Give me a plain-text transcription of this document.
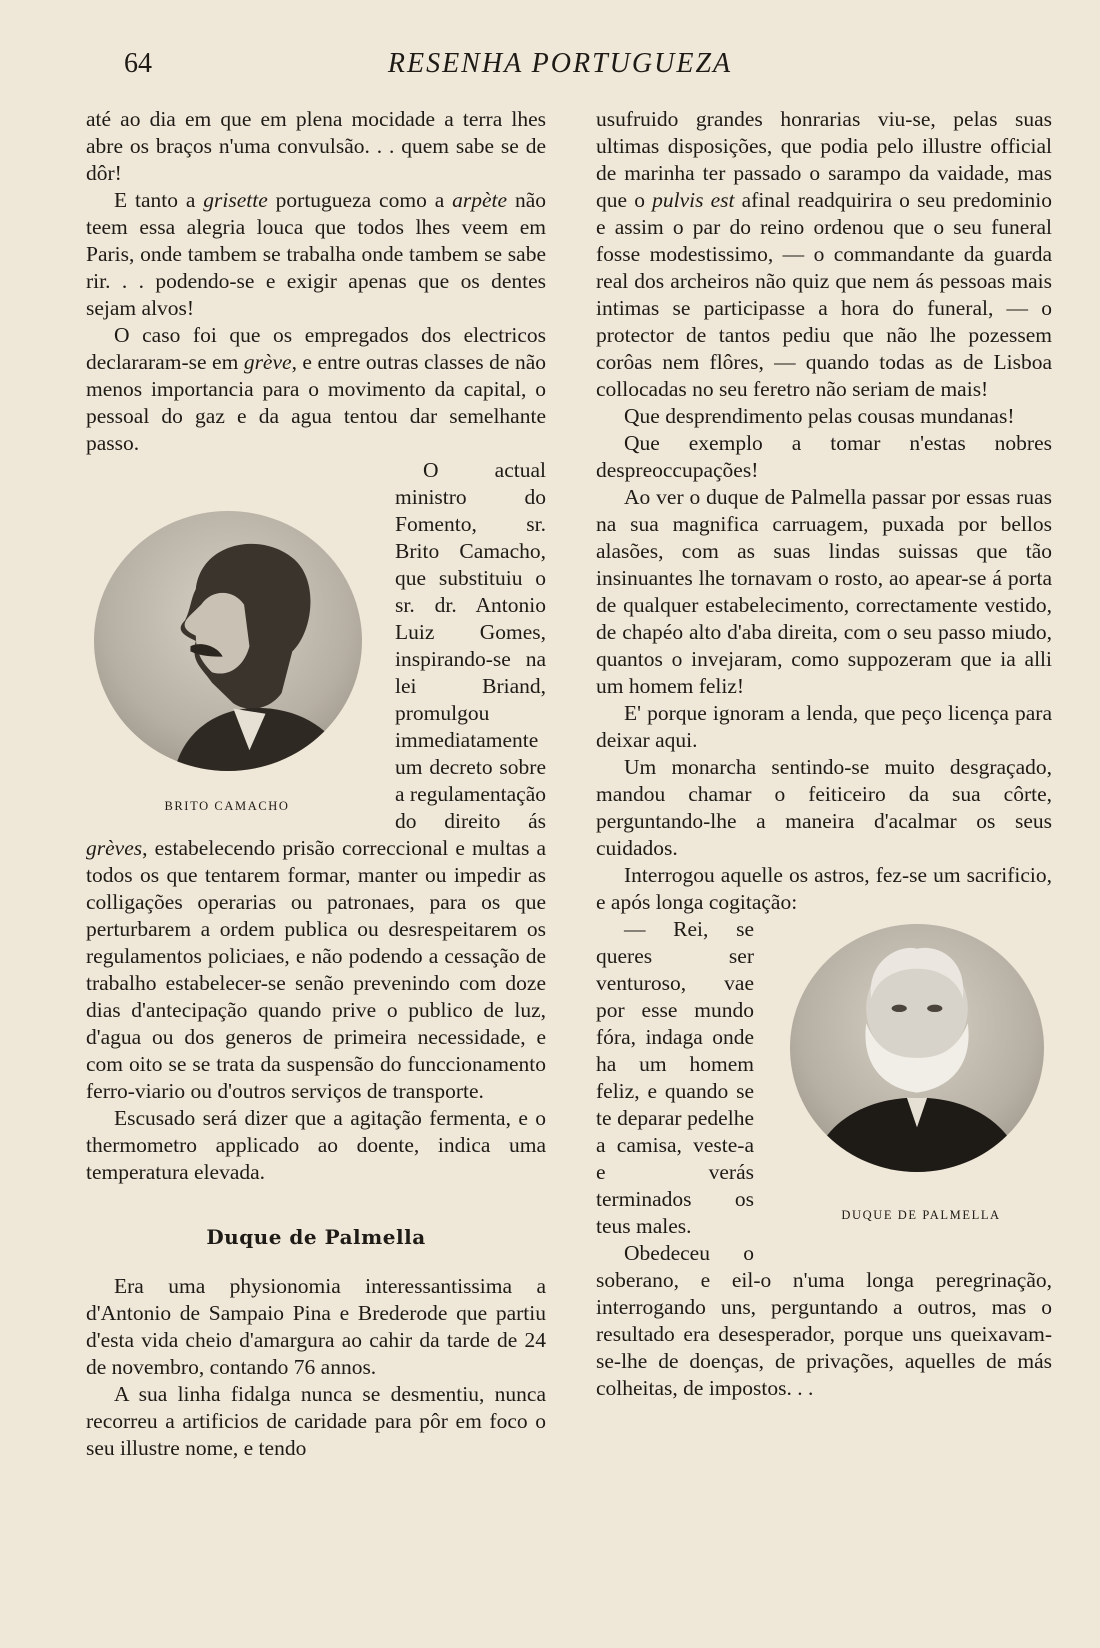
64	RESENHA PORTUGUEZA

até ao dia em que em plena mocidade a terra lhes abre os braços n'uma convulsão. . . quem sabe se de dôr!

E tanto a grisette portugueza como a arpète não teem essa alegria louca que todos lhes veem em Paris, onde tambem se trabalha onde tambem se sabe rir. . . podendo-se e exigir apenas que os dentes sejam alvos!

O caso foi que os empregados dos electricos declararam-se em grève, e entre outras classes de não menos importancia para o movimento da capital, o pessoal do gaz e da agua tentou dar semelhante passo.

BRITO CAMACHO

O actual ministro do Fomento, sr. Brito Camacho, que substituiu o sr. dr. Antonio Luiz Gomes, inspirando-se na lei Briand, promulgou immediatamente um decreto sobre a regulamentação do direito ás grèves, estabelecendo prisão correccional e multas a todos os que tentarem formar, manter ou impedir as colligações operarias ou patronaes, para os que perturbarem a ordem publica ou desrespeitarem os regulamentos policiaes, e não podendo a cessação de trabalho estabelecer-se senão prevenindo com doze dias d'antecipação quando prive o publico de luz, d'agua ou dos generos de primeira necessidade, e com oito se se trata da suspensão do funccionamento ferro-viario ou d'outros serviços de transporte.

Escusado será dizer que a agitação fermenta, e o thermometro applicado ao doente, indica uma temperatura elevada.

Duque de Palmella

Era uma physionomia interessantissima a d'Antonio de Sampaio Pina e Brederode que partiu d'esta vida cheio d'amargura ao cahir da tarde de 24 de novembro, contando 76 annos.

A sua linha fidalga nunca se desmentiu, nunca recorreu a artificios de caridade para pôr em foco o seu illustre nome, e tendo

usufruido grandes honrarias viu-se, pelas suas ultimas disposições, que podia pelo illustre official de marinha ter passado o sarampo da vaidade, mas que o pulvis est afinal readquirira o seu predominio e assim o par do reino ordenou que o seu funeral fosse modestissimo, — o commandante da guarda real dos archeiros não quiz que nem ás pessoas mais intimas se participasse a hora do funeral, — o protector de tantos pediu que não lhe pozessem corôas nem flôres, — quando todas as de Lisboa collocadas no seu feretro não seriam de mais!

Que desprendimento pelas cousas mundanas!

Que exemplo a tomar n'estas nobres despreoccupações!

Ao ver o duque de Palmella passar por essas ruas na sua magnifica carruagem, puxada por bellos alasões, com as suas lindas suissas que tão insinuantes lhe tornavam o rosto, ao apear-se á porta de qualquer estabelecimento, correctamente vestido, de chapéo alto d'aba direita, com o seu passo miudo, quantos o invejaram, como suppozeram que ia alli um homem feliz!

E' porque ignoram a lenda, que peço licença para deixar aqui.

Um monarcha sentindo-se muito desgraçado, mandou chamar o feiticeiro da sua côrte, perguntando-lhe a maneira d'acalmar os seus cuidados.

Interrogou aquelle os astros, fez-se um sacrificio, e após longa cogitação:

DUQUE DE PALMELLA

— Rei, se queres ser venturoso, vae por esse mundo fóra, indaga onde ha um homem feliz, e quando se te deparar pedelhe a camisa, veste-a e verás terminados os teus males.

Obedeceu o soberano, e eil-o n'uma longa peregrinação, interrogando uns, perguntando a outros, mas o resultado era desesperador, porque uns queixavam-se-lhe de doenças, de privações, aquelles de más colheitas, de impostos. . .
